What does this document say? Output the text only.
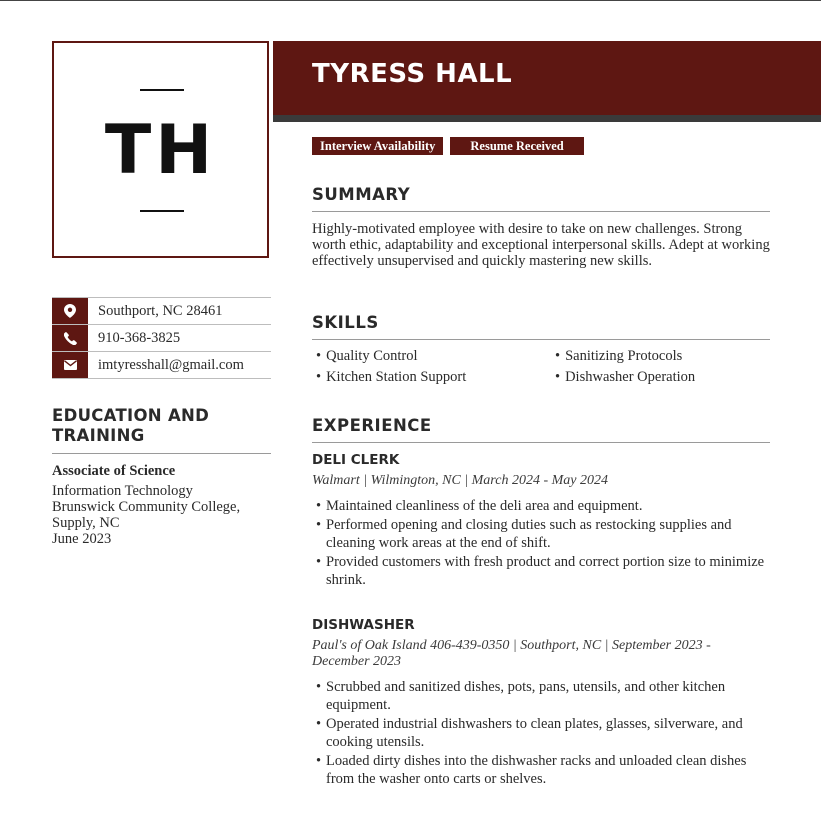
TH
Southport, NC 28461
910-368-3825
imtyresshall@gmail.com
EDUCATION AND TRAINING
Associate of Science
Information Technology
Brunswick Community College,
Supply, NC
June 2023
TYRESS HALL
Interview Availability	Resume Received
SUMMARY
Highly-motivated employee with desire to take on new challenges. Strong worth ethic, adaptability and exceptional interpersonal skills. Adept at working effectively unsupervised and quickly mastering new skills.
SKILLS
• Quality Control	• Sanitizing Protocols
• Kitchen Station Support	• Dishwasher Operation
EXPERIENCE
DELI CLERK
Walmart | Wilmington, NC | March 2024 - May 2024
• Maintained cleanliness of the deli area and equipment.
• Performed opening and closing duties such as restocking supplies and cleaning work areas at the end of shift.
• Provided customers with fresh product and correct portion size to minimize shrink.
DISHWASHER
Paul's of Oak Island 406-439-0350 | Southport, NC | September 2023 - December 2023
• Scrubbed and sanitized dishes, pots, pans, utensils, and other kitchen equipment.
• Operated industrial dishwashers to clean plates, glasses, silverware, and cooking utensils.
• Loaded dirty dishes into the dishwasher racks and unloaded clean dishes from the washer onto carts or shelves.
